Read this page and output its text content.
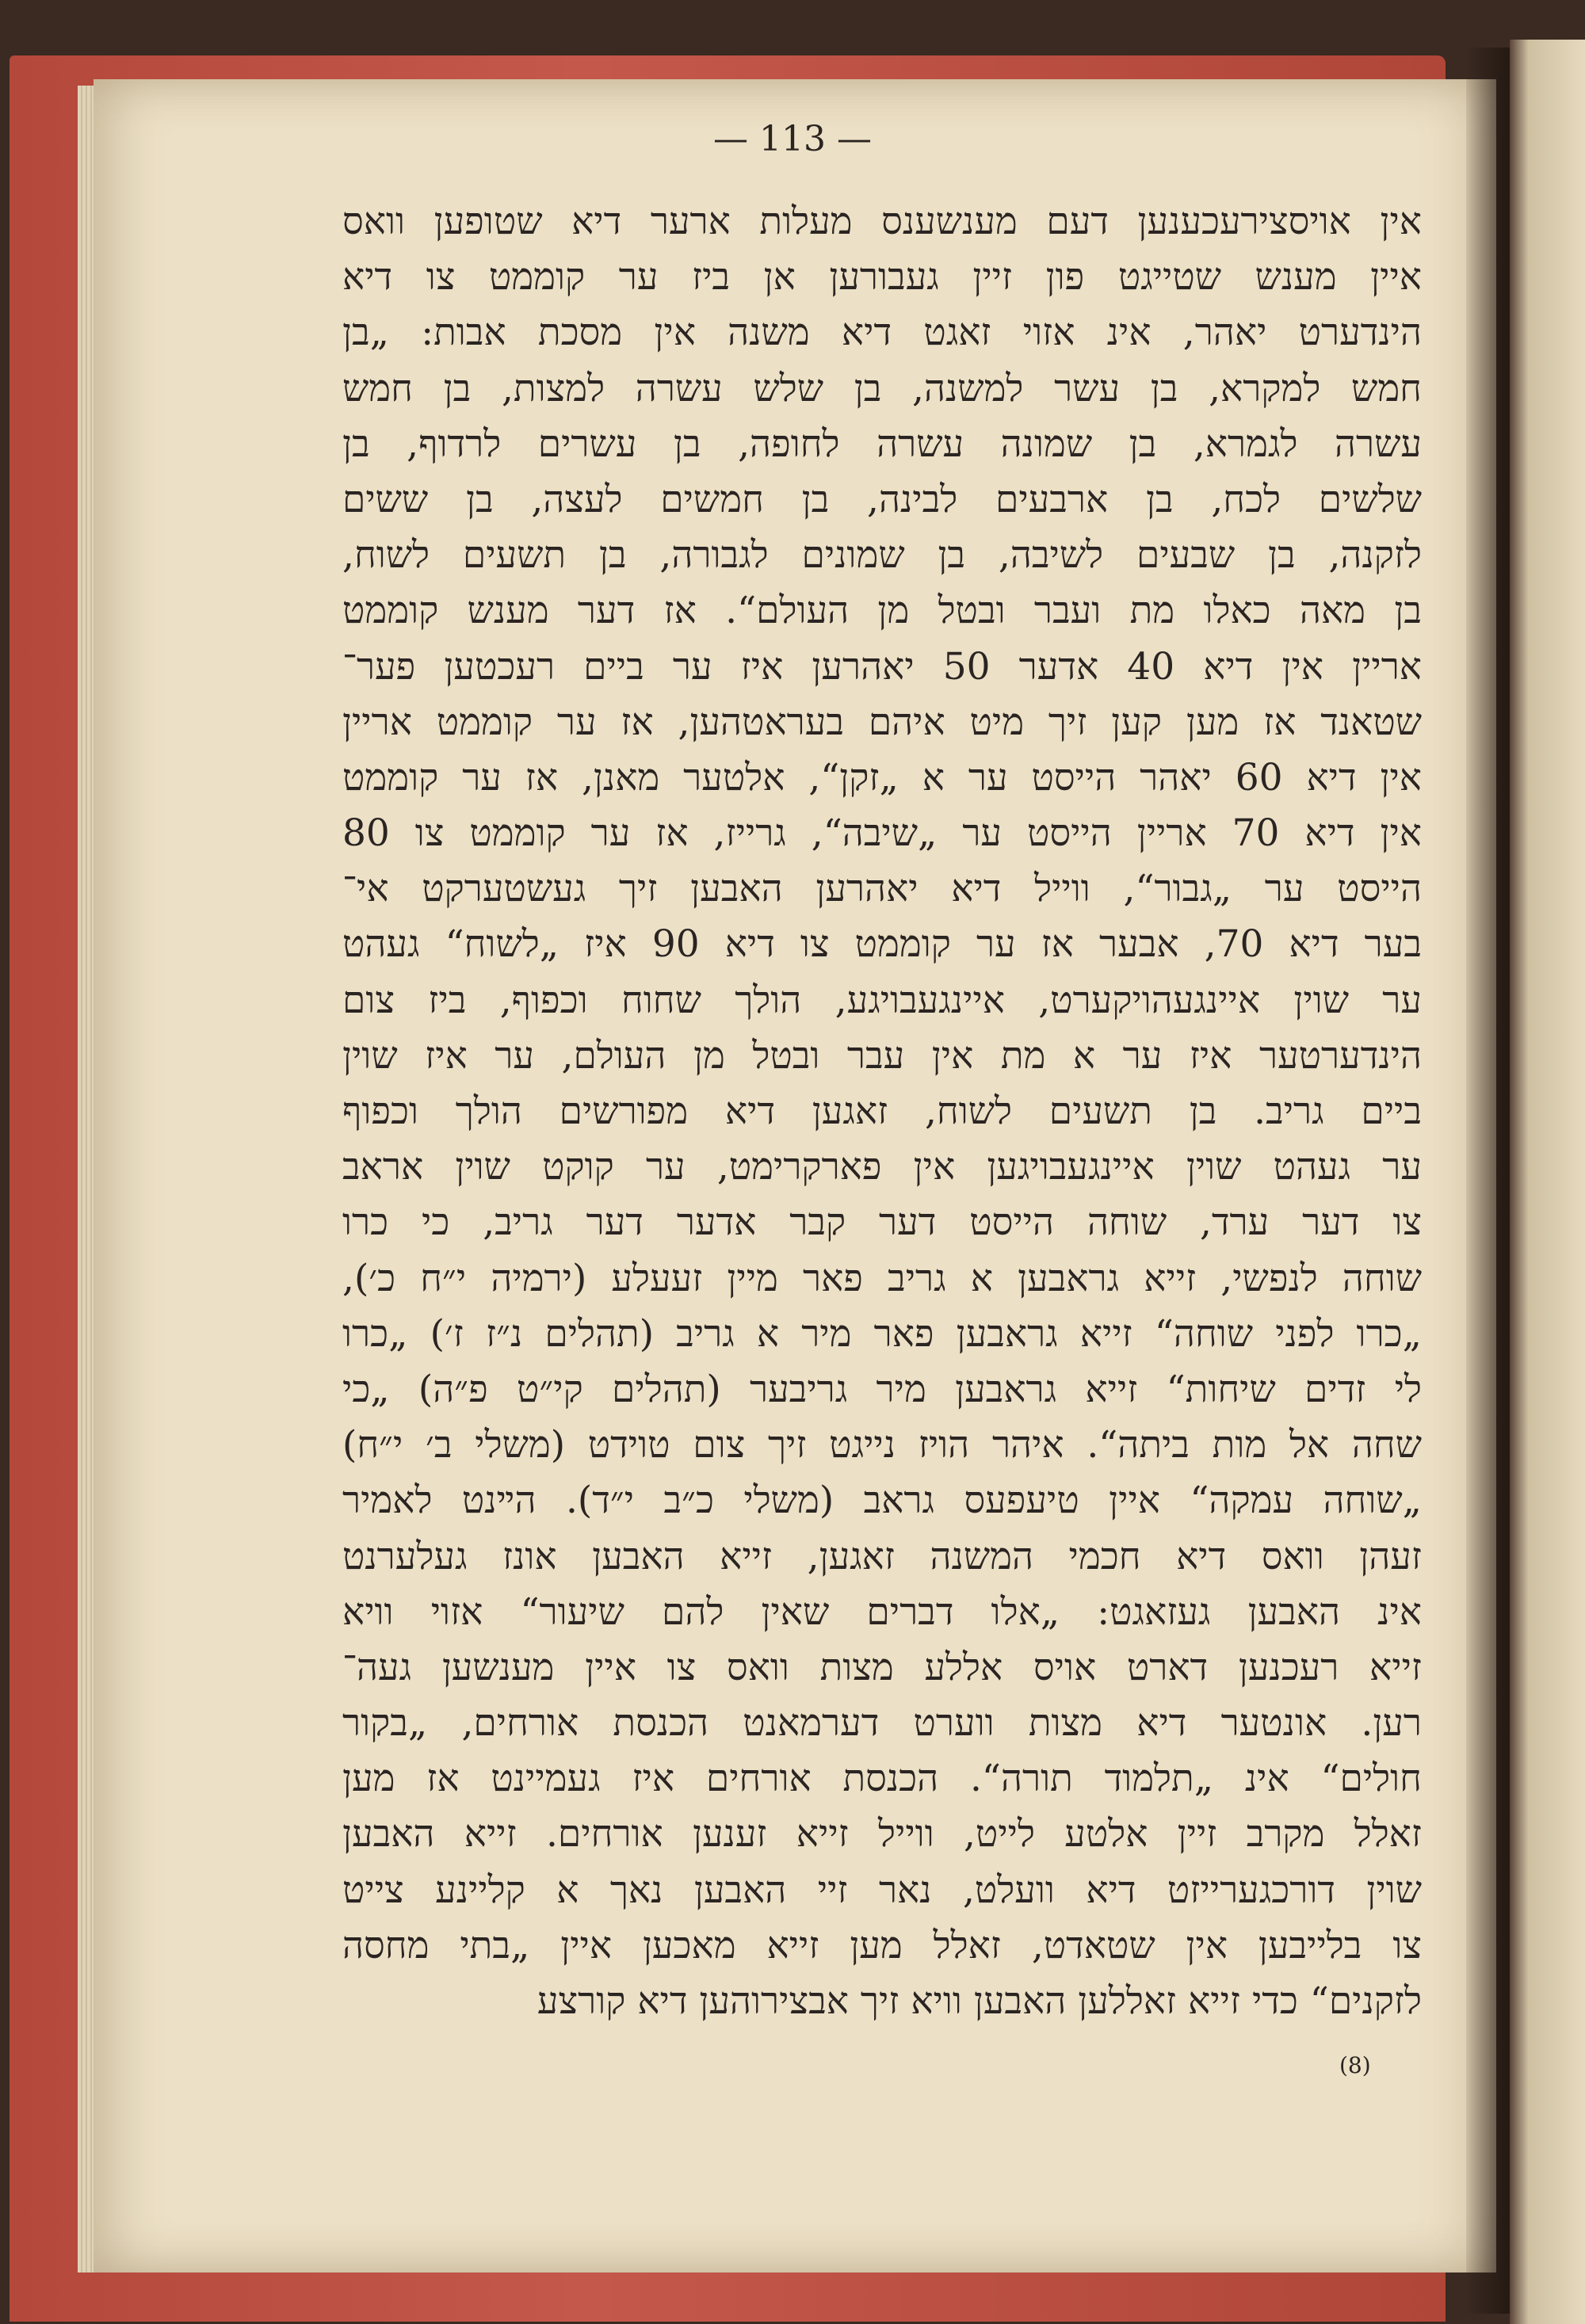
— 113 —
אין אויסצירעכענען דעם מענשענס מעלות ארער דיא שטופען וואס
איין מענש שטייגט פון זיין געבורען אן ביז ער קוממט צו דיא
הינדערט יאהר, אינ אזוי זאגט דיא משנה אין מסכת אבות: „בן
חמש למקרא, בן עשר למשנה, בן שלש עשרה למצות, בן חמש
עשרה לגמרא, בן שמונה עשרה לחופה, בן עשרים לרדוף, בן
שלשים לכח, בן ארבעים לבינה, בן חמשים לעצה, בן ששים
לזקנה, בן שבעים לשיבה, בן שמונים לגבורה, בן תשעים לשוח,
בן מאה כאלו מת ועבר ובטל מן העולם“. אז דער מענש קוממט
אריין אין דיא 40 אדער 50 יאהרען איז ער ביים רעכטען פער־
שטאנד אז מען קען זיך מיט איהם בעראטהען, אז ער קוממט אריין
אין דיא 60 יאהר הייסט ער א „זקן“, אלטער מאנן, אז ער קוממט
אין דיא 70 אריין הייסט ער „שיבה“, גרייז, אז ער קוממט צו 80
הייסט ער „גבור“, ווייל דיא יאהרען האבען זיך געשטערקט אי־
בער דיא 70, אבער אז ער קוממט צו דיא 90 איז „לשוח“ געהט
ער שוין איינגעהויקערט, איינגעבויגע, הולך שחוח וכפוף, ביז צום
הינדערטער איז ער א מת אין עבר ובטל מן העולם, ער איז שוין
ביים גריב. בן תשעים לשוח, זאגען דיא מפורשים הולך וכפוף
ער געהט שוין איינגעבויגען אין פארקרימט, ער קוקט שוין אראב
צו דער ערד, שוחה הייסט דער קבר אדער דער גריב, כי כרו
שוחה לנפשי, זייא גראבען א גריב פאר מיין זעעלע (ירמיה י״ח כ׳),
„כרו לפני שוחה“ זייא גראבען פאר מיר א גריב (תהלים נ״ז ז׳) „כרו
לי זדים שיחות“ זייא גראבען מיר גריבער (תהלים קי״ט פ״ה) „כי
שחה אל מות ביתה“. איהר הויז נייגט זיך צום טוידט (משלי ב׳ י״ח)
„שוחה עמקה“ איין טיעפעס גראב (משלי כ״ב י״ד). הײנט לאמיר
זעהן וואס דיא חכמי המשנה זאגען, זייא האבען אונז געלערנט
אינ האבען געזאגט: „אלו דברים שאין להם שיעור“ אזוי וויא
זייא רעכנען דארט אויס אללע מצות וואס צו איין מענשען געה־
רען. אונטער דיא מצות ווערט דערמאנט הכנסת אורחים, „בקור
חולים“ אינ „תלמוד תורה“. הכנסת אורחים איז געמיינט אז מען
זאלל מקרב זיין אלטע לייט, ווייל זייא זענען אורחים. זייא האבען
שוין דורכגערייזט דיא וועלט, נאר זיי האבען נאך א קליינע צייט
צו בלייבען אין שטאדט, זאלל מען זייא מאכען איין „בתי מחסה
לזקנים“ כדי זייא זאללען האבען וויא זיך אבצירוהען דיא קורצע
(8)
